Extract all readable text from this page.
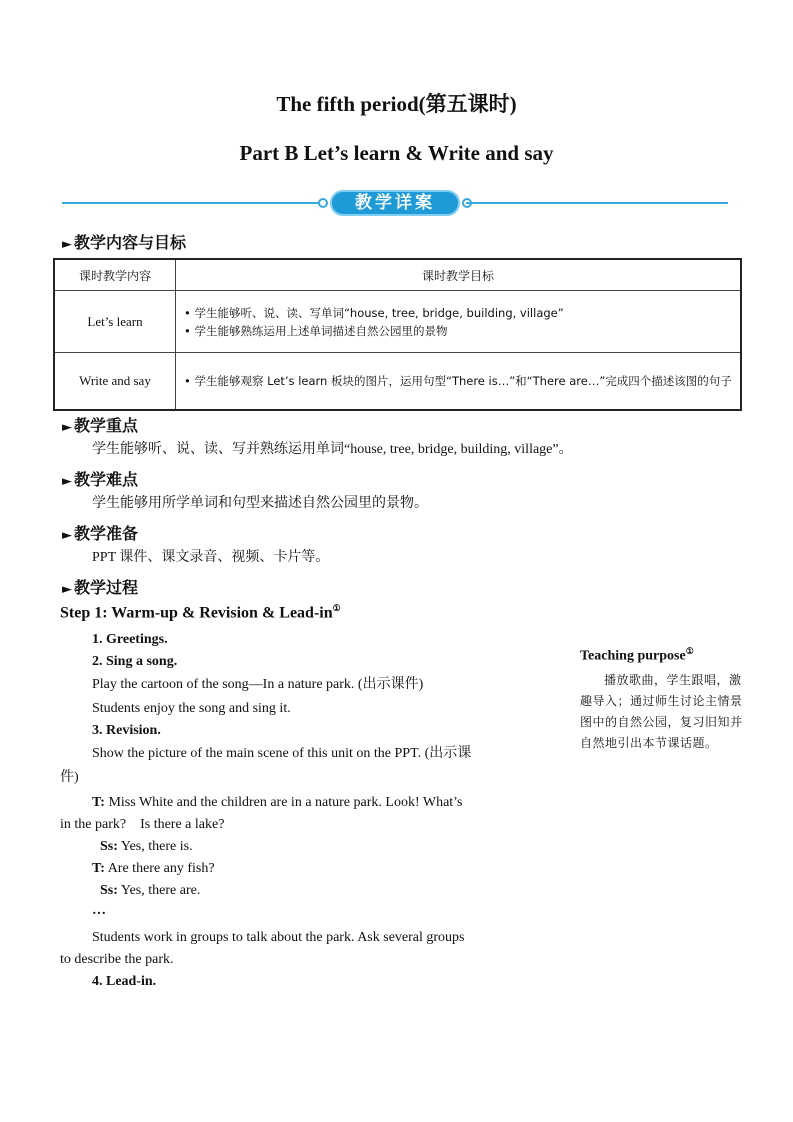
The fifth period(第五课时)
Part B Let’s learn & Write and say
教学详案
► 教学内容与目标
课时教学内容	课时教学目标
Let’s learn	• 学生能够听、说、读、写单词“house, tree, bridge, building, village”
• 学生能够熟练运用上述单词描述自然公园里的景物

Write and say	• 学生能够观察 Let’s learn 板块的图片，运用句型“There is…”和“There are…”完成四个描述该图的句子
► 教学重点
学生能够听、说、读、写并熟练运用单词“house, tree, bridge, building, village”。
► 教学难点
学生能够用所学单词和句型来描述自然公园里的景物。
► 教学准备
PPT 课件、课文录音、视频、卡片等。
► 教学过程
Step 1: Warm-up & Revision & Lead-in①
1. Greetings.
2. Sing a song.
Play the cartoon of the song—In a nature park. (出示课件)
Students enjoy the song and sing it.
3. Revision.
Show the picture of the main scene of this unit on the PPT. (出示课
件)
T: Miss White and the children are in a nature park. Look! What’s
in the park?    Is there a lake?
Ss: Yes, there is.
T: Are there any fish?
Ss: Yes, there are.
…
Students work in groups to talk about the park. Ask several groups
to describe the park.
4. Lead-in.
Teaching purpose①
播放歌曲，学生跟唱，激趣导入；通过师生讨论主情景图中的自然公园，复习旧知并自然地引出本节课话题。
